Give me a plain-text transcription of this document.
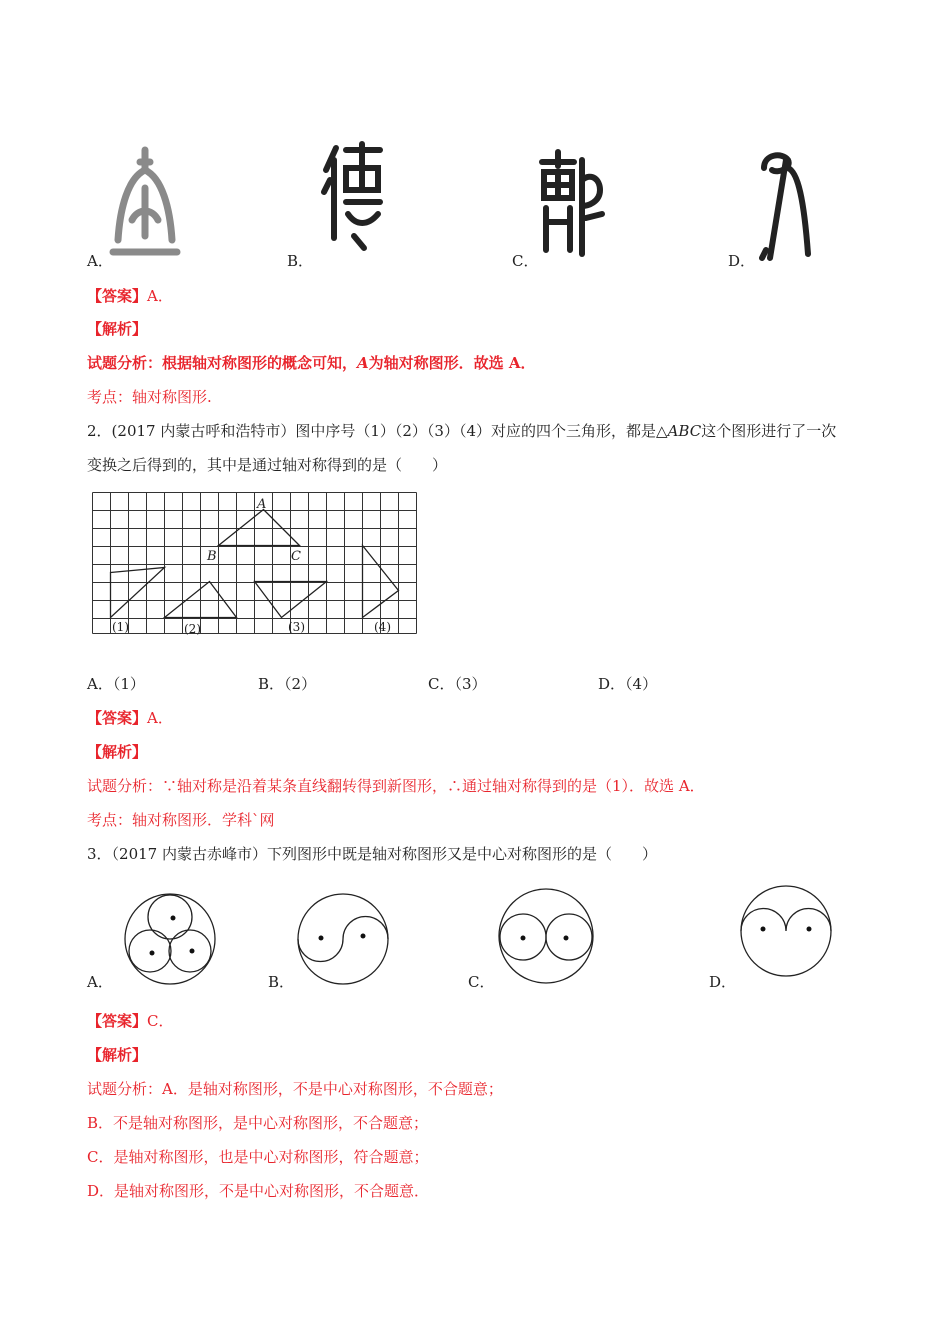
A．	B．	C．	D．
【答案】A．
【解析】
试题分析：根据轴对称图形的概念可知，A为轴对称图形．故选 A．
考点：轴对称图形.
2．(2017 内蒙古呼和浩特市）图中序号（1）（2）（3）（4）对应的四个三角形，都是△ABC这个图形进行了一次
变换之后得到的，其中是通过轴对称得到的是（　　）
A
B	C
(1)	(2)	(3)	(4)
A．（1）	B．（2）	C．（3）	D．（4）
【答案】A．
【解析】
试题分析：∵轴对称是沿着某条直线翻转得到新图形，∴通过轴对称得到的是（1）．故选 A．
考点：轴对称图形．学科`网
3．（2017 内蒙古赤峰市）下列图形中既是轴对称图形又是中心对称图形的是（　　）
A．	B．	C．	D．
【答案】C．
【解析】
试题分析：A．是轴对称图形，不是中心对称图形，不合题意；
B．不是轴对称图形，是中心对称图形，不合题意；
C．是轴对称图形，也是中心对称图形，符合题意；
D．是轴对称图形，不是中心对称图形，不合题意．
